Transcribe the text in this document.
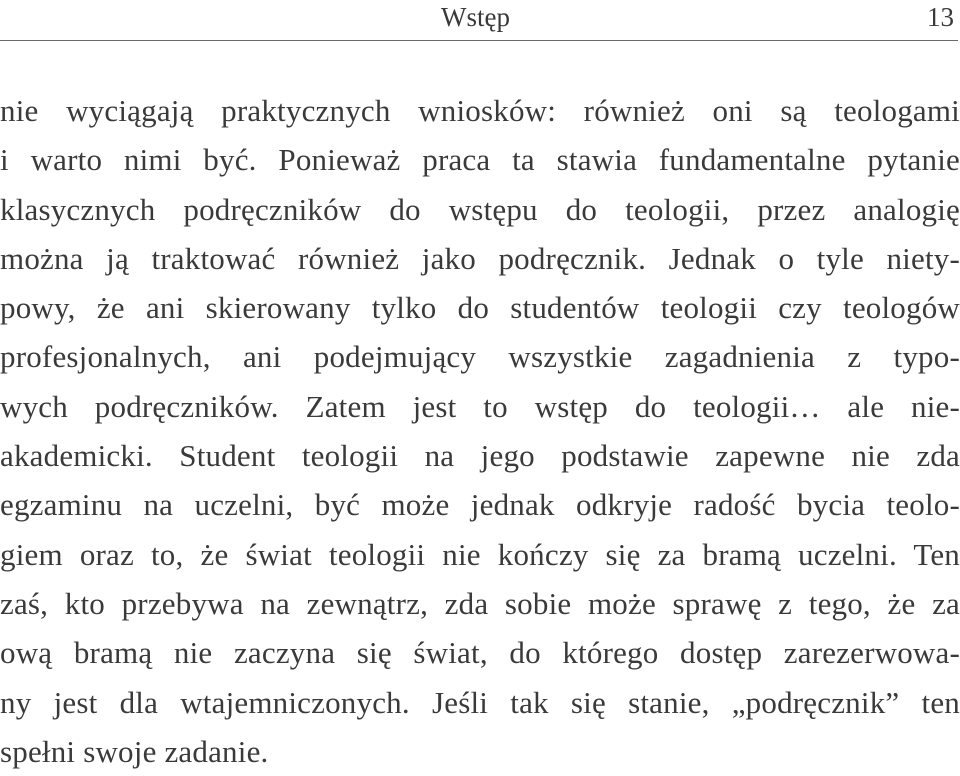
Wstęp	13
nie wyciągają praktycznych wniosków: również oni są teologami
i warto nimi być. Ponieważ praca ta stawia fundamentalne pytanie
klasycznych podręczników do wstępu do teologii, przez analogię
można ją traktować również jako podręcznik. Jednak o tyle niety-
powy, że ani skierowany tylko do studentów teologii czy teologów
profesjonalnych, ani podejmujący wszystkie zagadnienia z typo-
wych podręczników. Zatem jest to wstęp do teologii… ale nie-
akademicki. Student teologii na jego podstawie zapewne nie zda
egzaminu na uczelni, być może jednak odkryje radość bycia teolo-
giem oraz to, że świat teologii nie kończy się za bramą uczelni. Ten
zaś, kto przebywa na zewnątrz, zda sobie może sprawę z tego, że za
ową bramą nie zaczyna się świat, do którego dostęp zarezerwowa-
ny jest dla wtajemniczonych. Jeśli tak się stanie, „podręcznik” ten
spełni swoje zadanie.
